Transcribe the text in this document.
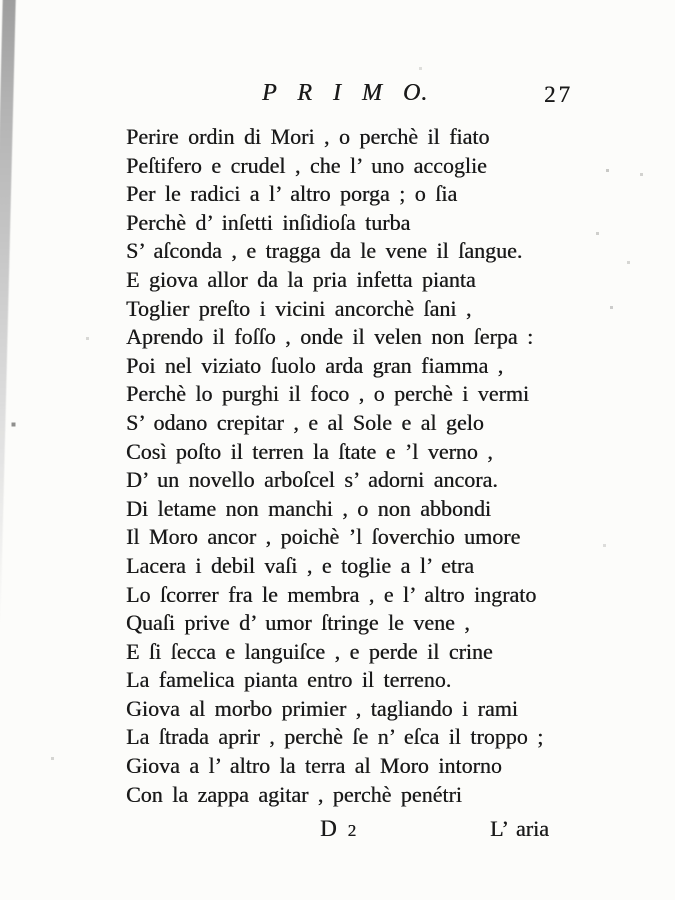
P R I M O.	27
Perire ordin di Mori , o perchè il fiato
Peſtifero e crudel , che l’ uno accoglie
Per le radici a l’ altro porga ; o ſia
Perchè d’ inſetti inſidioſa turba
S’ aſconda , e tragga da le vene il ſangue.
E giova allor da la pria infetta pianta
Toglier preſto i vicini ancorchè ſani ,
Aprendo il foſſo , onde il velen non ſerpa :
Poi nel viziato ſuolo arda gran fiamma ,
Perchè lo purghi il foco , o perchè i vermi
S’ odano crepitar , e al Sole e al gelo
Così poſto il terren la ſtate e ’l verno ,
D’ un novello arboſcel s’ adorni ancora.
Di letame non manchi , o non abbondi
Il Moro ancor , poichè ’l ſoverchio umore
Lacera i debil vaſi , e toglie a l’ etra
Lo ſcorrer fra le membra , e l’ altro ingrato
Quaſi prive d’ umor ſtringe le vene ,
E ſi ſecca e languiſce , e perde il crine
La famelica pianta entro il terreno.
Giova al morbo primier , tagliando i rami
La ſtrada aprir , perchè ſe n’ eſca il troppo ;
Giova a l’ altro la terra al Moro intorno
Con la zappa agitar , perchè penétri
D 2	L’ aria
